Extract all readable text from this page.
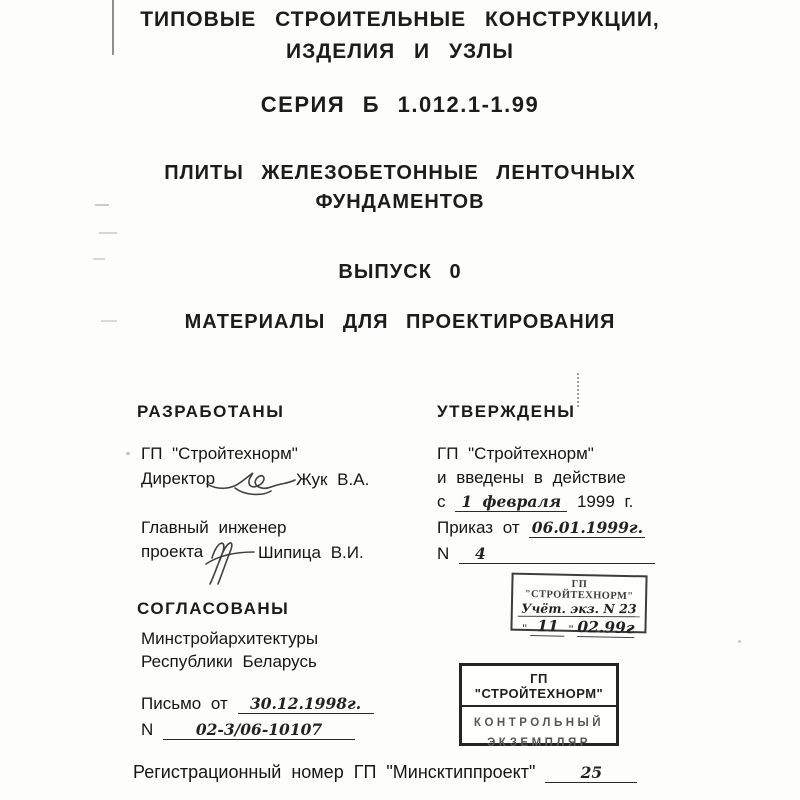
ТИПОВЫЕ СТРОИТЕЛЬНЫЕ КОНСТРУКЦИИ,
ИЗДЕЛИЯ И УЗЛЫ
СЕРИЯ Б 1.012.1-1.99
ПЛИТЫ ЖЕЛЕЗОБЕТОННЫЕ ЛЕНТОЧНЫХ
ФУНДАМЕНТОВ
ВЫПУСК 0
МАТЕРИАЛЫ ДЛЯ ПРОЕКТИРОВАНИЯ
РАЗРАБОТАНЫ
ГП "Стройтехнорм"
Директор	Жук В.А.
Главный инженер
проекта	Шипица В.И.
УТВЕРЖДЕНЫ
ГП "Стройтехнорм"
и введены в действие
с 1 февраля 1999 г.
Приказ от 06.01.1999г.
N 4
СОГЛАСОВАНЫ
Минстройархитектуры
Республики Беларусь
Письмо от 30.12.1998г.
N	02-3/06-10107
ГП "СТРОЙТЕХНОРМ"
Учёт. экз. N 23
" 11 " 02.99г
ГП "СТРОЙТЕХНОРМ"
КОНТРОЛЬНЫЙ
ЭКЗЕМПЛЯР
Регистрационный номер ГП "Минсктиппроект"	25
